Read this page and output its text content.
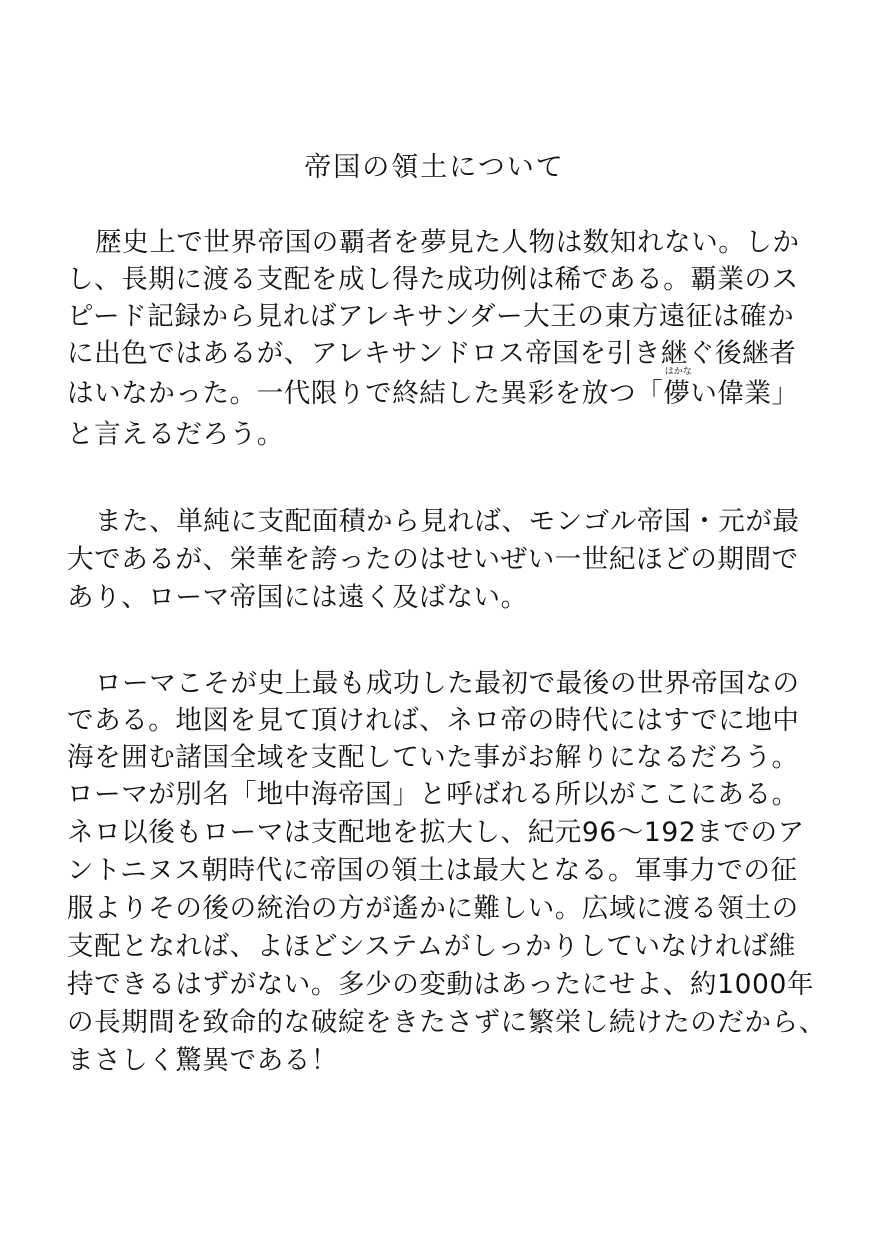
帝国の領土について
歴史上で世界帝国の覇者を夢見た人物は数知れない。しか
し、長期に渡る支配を成し得た成功例は稀である。覇業のス
ピード記録から見ればアレキサンダー大王の東方遠征は確か
に出色ではあるが、アレキサンドロス帝国を引き継ぐ後継者
はいなかった。一代限りで終結した異彩を放つ「
はかな
儚い偉業」
と言えるだろう。
また、単純に支配面積から見れば、モンゴル帝国・元が最
大であるが、栄華を誇ったのはせいぜい一世紀ほどの期間で
あり、ローマ帝国には遠く及ばない。
ローマこそが史上最も成功した最初で最後の世界帝国なの
である。地図を見て頂ければ、ネロ帝の時代にはすでに地中
海を囲む諸国全域を支配していた事がお解りになるだろう。
ローマが別名「地中海帝国」と呼ばれる所以がここにある。
ネロ以後もローマは支配地を拡大し、紀元96〜192までのア
ントニヌス朝時代に帝国の領土は最大となる。軍事力での征
服よりその後の統治の方が遙かに難しい。広域に渡る領土の
支配となれば、よほどシステムがしっかりしていなければ維
持できるはずがない。多少の変動はあったにせよ、約1000年
の長期間を致命的な破綻をきたさずに繁栄し続けたのだから、
まさしく驚異である！
